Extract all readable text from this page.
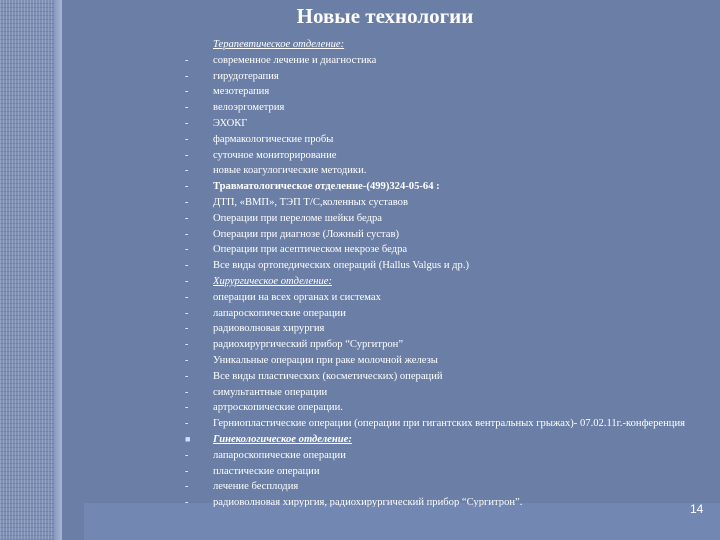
Новые технологии
Терапевтическое отделение:
-	современное лечение и диагностика
-	гирудотерапия
-	мезотерапия
-	велоэргометрия
-	ЭХОКГ
-	фармакологические пробы
-	суточное мониторирование
-	новые коагулогические методики.
-	Травматологическое отделение-(499)324-05-64 :
-	ДТП, «ВМП», ТЭП Т/С,коленных суставов
-	Операции при переломе шейки бедра
-	Операции при диагнозе (Ложный сустав)
-	Операции при асептическом некрозе бедра
-	Все виды ортопедических операций (Hallus Valgus и др.)
-	Хирургическое отделение:
-	операции на всех органах и системах
-	лапароскопические операции
-	радиоволновая хирургия
-	радиохирургический прибор “Сургитрон”
-	Уникальные операции при раке молочной железы
-	Все виды пластических (косметических) операций
-	симультантные операции
-	артроскопические операции.
-	Герниопластические операции (операции при гигантских вентральных грыжах)- 07.02.11г.-конференция
■	Гинекологическое отделение:
-	лапароскопические операции
-	пластические операции
-	лечение бесплодия
-	радиоволновая хирургия, радиохирургический прибор “Сургитрон”.	14
